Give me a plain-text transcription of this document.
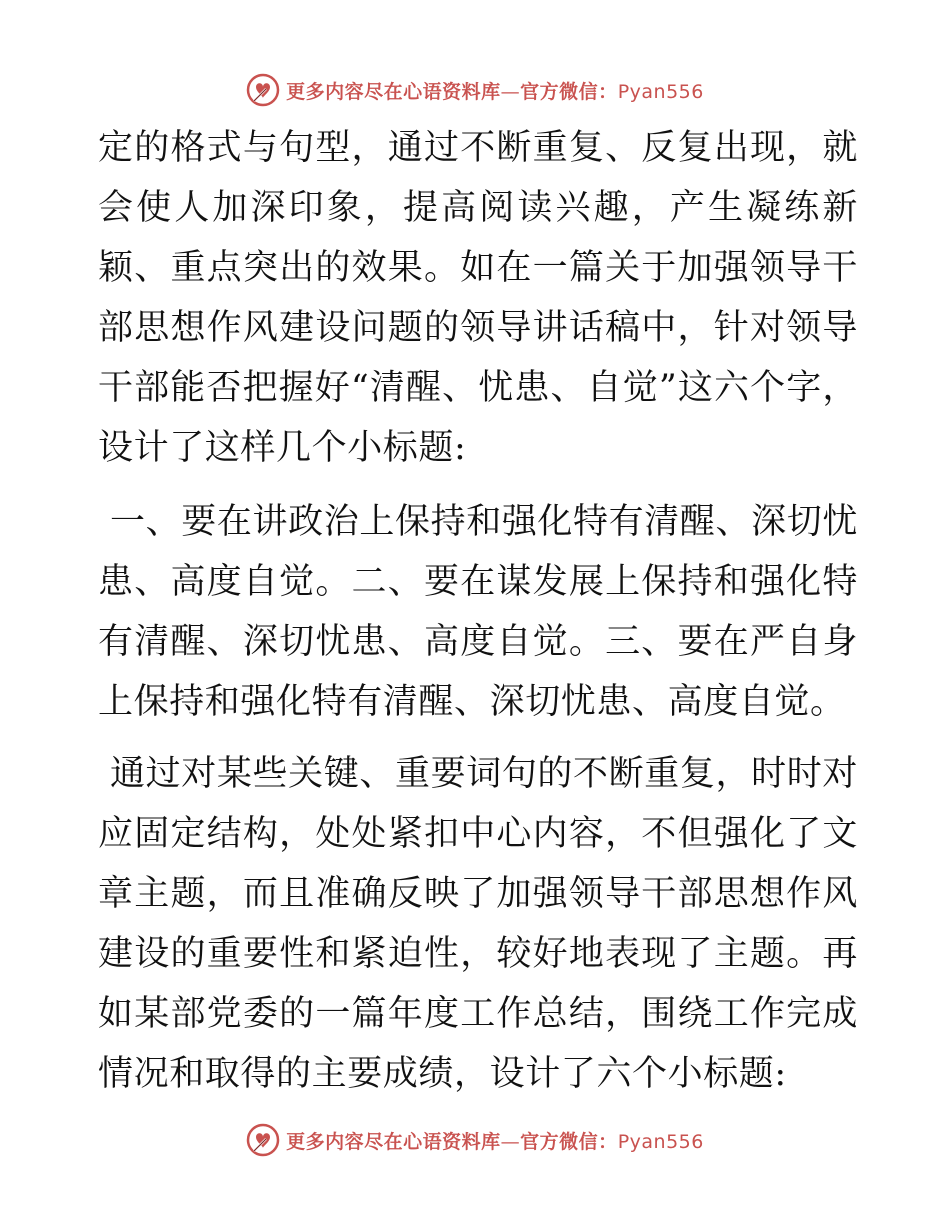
更多内容尽在心语资料库—官方微信：Pyan556

定的格式与句型，通过不断重复、反复出现，就会使人加深印象，提高阅读兴趣，产生凝练新颖、重点突出的效果。如在一篇关于加强领导干部思想作风建设问题的领导讲话稿中，针对领导干部能否把握好“清醒、忧患、自觉”这六个字，设计了这样几个小标题:

一、要在讲政治上保持和强化特有清醒、深切忧患、高度自觉。二、要在谋发展上保持和强化特有清醒、深切忧患、高度自觉。三、要在严自身上保持和强化特有清醒、深切忧患、高度自觉。

通过对某些关键、重要词句的不断重复，时时对应固定结构，处处紧扣中心内容，不但强化了文章主题，而且准确反映了加强领导干部思想作风建设的重要性和紧迫性，较好地表现了主题。再如某部党委的一篇年度工作总结，围绕工作完成情况和取得的主要成绩，设计了六个小标题:

更多内容尽在心语资料库—官方微信：Pyan556
